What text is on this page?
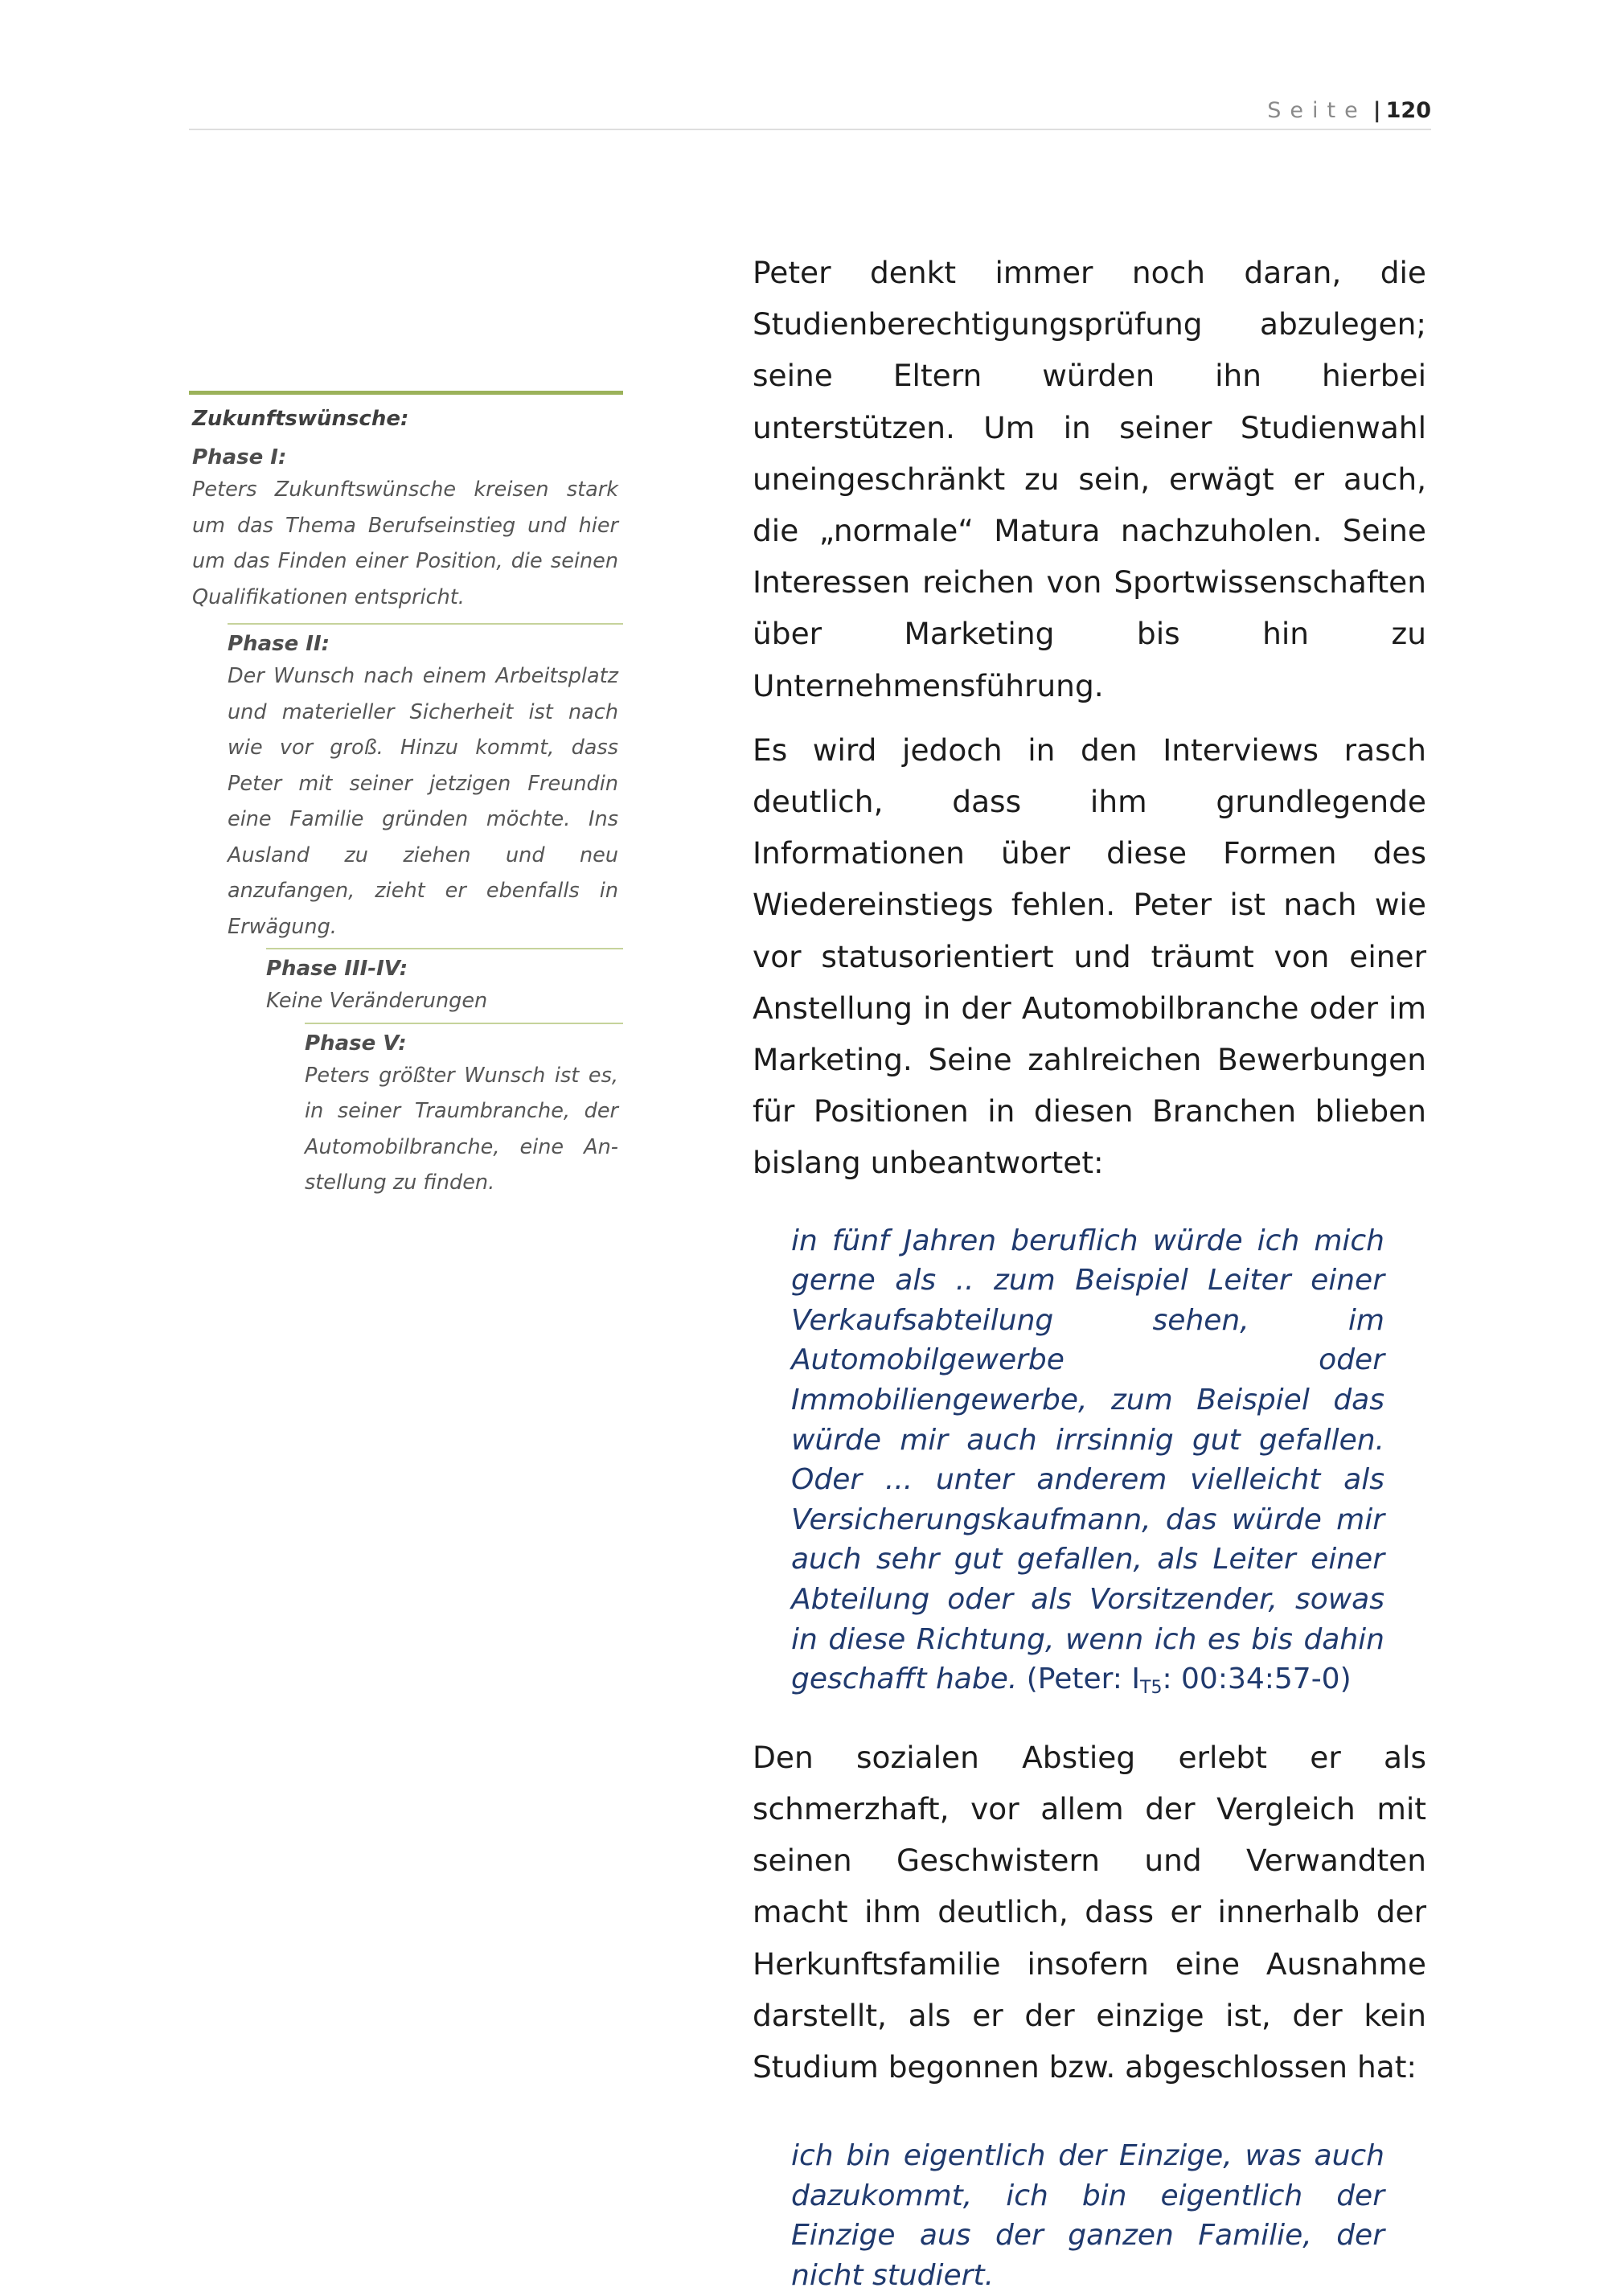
Seite | 120
Zukunftswünsche:
Phase I:
Peters Zukunftswünsche kreisen stark um das Thema Berufseinstieg und hier um das Finden einer Position, die seinen Qualifikationen entspricht.
Phase II:
Der Wunsch nach einem Arbeitsplatz und materieller Sicherheit ist nach wie vor groß. Hinzu kommt, dass Peter mit seiner jetzigen Freundin eine Familie gründen möchte. Ins Ausland zu ziehen und neu anzufangen, zieht er ebenfalls in Erwägung.
Phase III-IV:
Keine Veränderungen
Phase V:
Peters größter Wunsch ist es, in seiner Traumbranche, der Automobilbranche, eine Anstellung zu finden.

Peter denkt immer noch daran, die Studienberechtigungsprüfung abzulegen; seine Eltern würden ihn hierbei unterstützen. Um in seiner Studienwahl uneingeschränkt zu sein, erwägt er auch, die „normale“ Matura nachzuholen. Seine Interessen reichen von Sportwissenschaften über Marketing bis hin zu Unternehmensführung.

Es wird jedoch in den Interviews rasch deutlich, dass ihm grundlegende Informationen über diese Formen des Wiedereinstiegs fehlen. Peter ist nach wie vor statusorientiert und träumt von einer Anstellung in der Automobilbranche oder im Marketing. Seine zahlreichen Bewerbungen für Positionen in diesen Branchen blieben bislang unbeantwortet:

in fünf Jahren beruflich würde ich mich gerne als .. zum Beispiel Leiter einer Verkaufsabteilung sehen, im Automobilgewerbe oder Immobiliengewerbe, zum Beispiel das würde mir auch irrsinnig gut gefallen. Oder ... unter anderem vielleicht als Versicherungskaufmann, das würde mir auch sehr gut gefallen, als Leiter einer Abteilung oder als Vorsitzender, sowas in diese Richtung, wenn ich es bis dahin geschafft habe. (Peter: $I_{T5}$: 00:34:57-0)

Den sozialen Abstieg erlebt er als schmerzhaft, vor allem der Vergleich mit seinen Geschwistern und Verwandten macht ihm deutlich, dass er innerhalb der Herkunftsfamilie insofern eine Ausnahme darstellt, als er der einzige ist, der kein Studium begonnen bzw. abgeschlossen hat:

ich bin eigentlich der Einzige, was auch dazukommt, ich bin eigentlich der Einzige aus der ganzen Familie, der nicht studiert.
